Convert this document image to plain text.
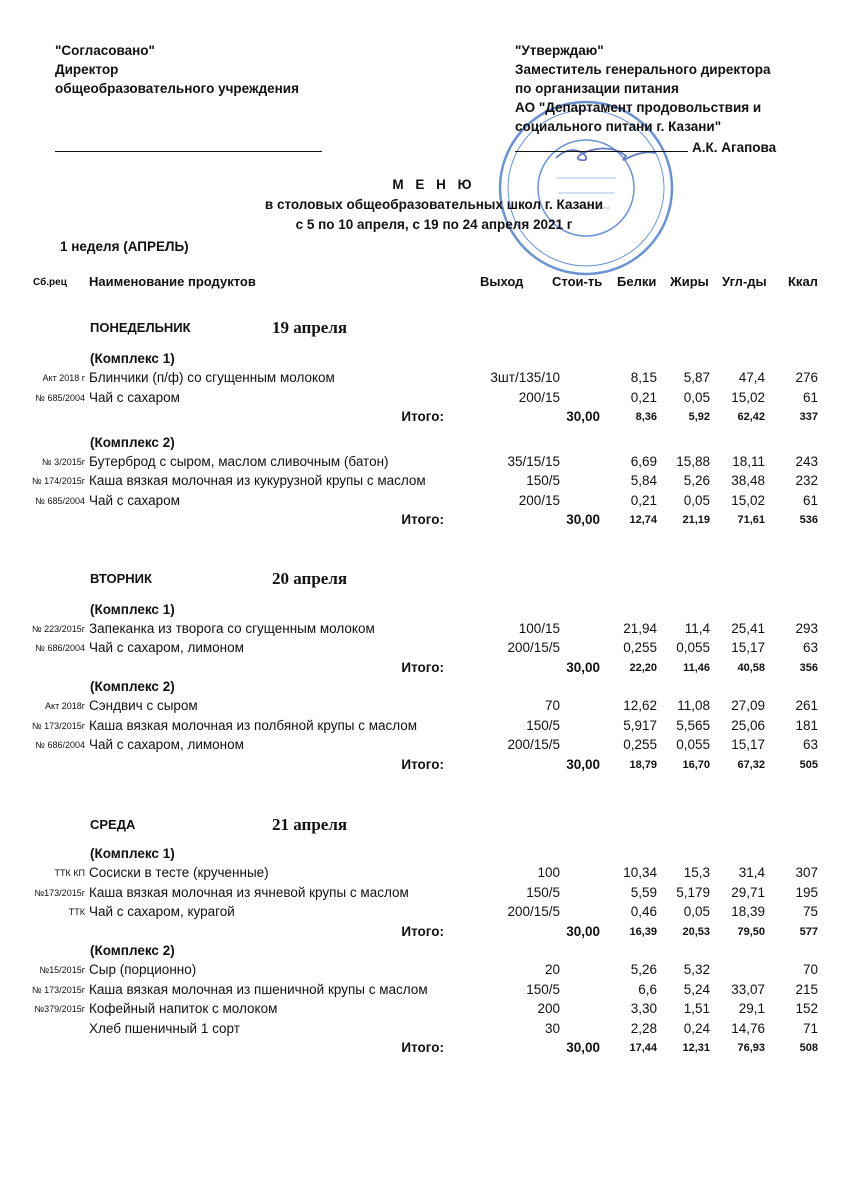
"Согласовано"
Директор
общеобразовательного учреждения
"Утверждаю"
Заместитель генерального директора
по организации питания
АО "Департамент продовольствия и
социального питани г. Казани"
А.К. Агапова
М Е Н Ю
в столовых общеобразовательных школ г. Казани
с 5 по 10 апреля, с 19 по 24 апреля 2021 г
1 неделя (АПРЕЛЬ)
Сб.рец Наименование продуктов	Выход Стои-ть Белки Жиры Угл-ды Ккал
ПОНЕДЕЛЬНИК	19 апреля
(Комплекс 1)
Акт 2018 г Блинчики (п/ф) со сгущенным молоком	3шт/135/10	8,15 5,87 47,4 276
№ 685/2004 Чай с сахаром	200/15	0,21 0,05 15,02	61
Итого:	30,00	8,36	5,92 62,42	337
(Комплекс 2)
№ 3/2015г Бутерброд с сыром, маслом сливочным (батон)	35/15/15	6,69 15,88 18,11 243
№ 174/2015г Каша вязкая молочная из кукурузной крупы с маслом	150/5	5,84 5,26 38,48 232
№ 685/2004 Чай с сахаром	200/15	0,21 0,05 15,02	61
Итого:	30,00	12,74 21,19 71,61	536
ВТОРНИК	20 апреля
(Комплекс 1)
№ 223/2015г Запеканка из творога со сгущенным молоком	100/15	21,94 11,4 25,41 293
№ 686/2004 Чай с сахаром, лимоном	200/15/5	0,255 0,055 15,17	63
Итого:	30,00	22,20 11,46 40,58	356
(Комплекс 2)
Акт 2018г Сэндвич с сыром	70	12,62 11,08 27,09 261
№ 173/2015г Каша вязкая молочная из полбяной крупы с маслом	150/5	5,917 5,565 25,06 181
№ 686/2004 Чай с сахаром, лимоном	200/15/5	0,255 0,055 15,17	63
Итого:	30,00	18,79 16,70 67,32	505
СРЕДА	21 апреля
(Комплекс 1)
ТТК КП Сосиски в тесте (крученные)	100	10,34 15,3 31,4 307
№173/2015г Каша вязкая молочная из ячневой крупы с маслом	150/5	5,59 5,179 29,71 195
ТТК Чай с сахаром, курагой	200/15/5	0,46 0,05 18,39	75
Итого:	30,00	16,39 20,53 79,50	577
(Комплекс 2)
№15/2015г Сыр (порционно)	20	5,26 5,32	70
№ 173/2015г Каша вязкая молочная из пшеничной крупы с маслом	150/5	6,6 5,24 33,07 215
№379/2015г Кофейный напиток с молоком	200	3,30 1,51 29,1 152
Хлеб пшеничный 1 сорт	30	2,28 0,24 14,76	71
Итого:	30,00	17,44 12,31 76,93	508
